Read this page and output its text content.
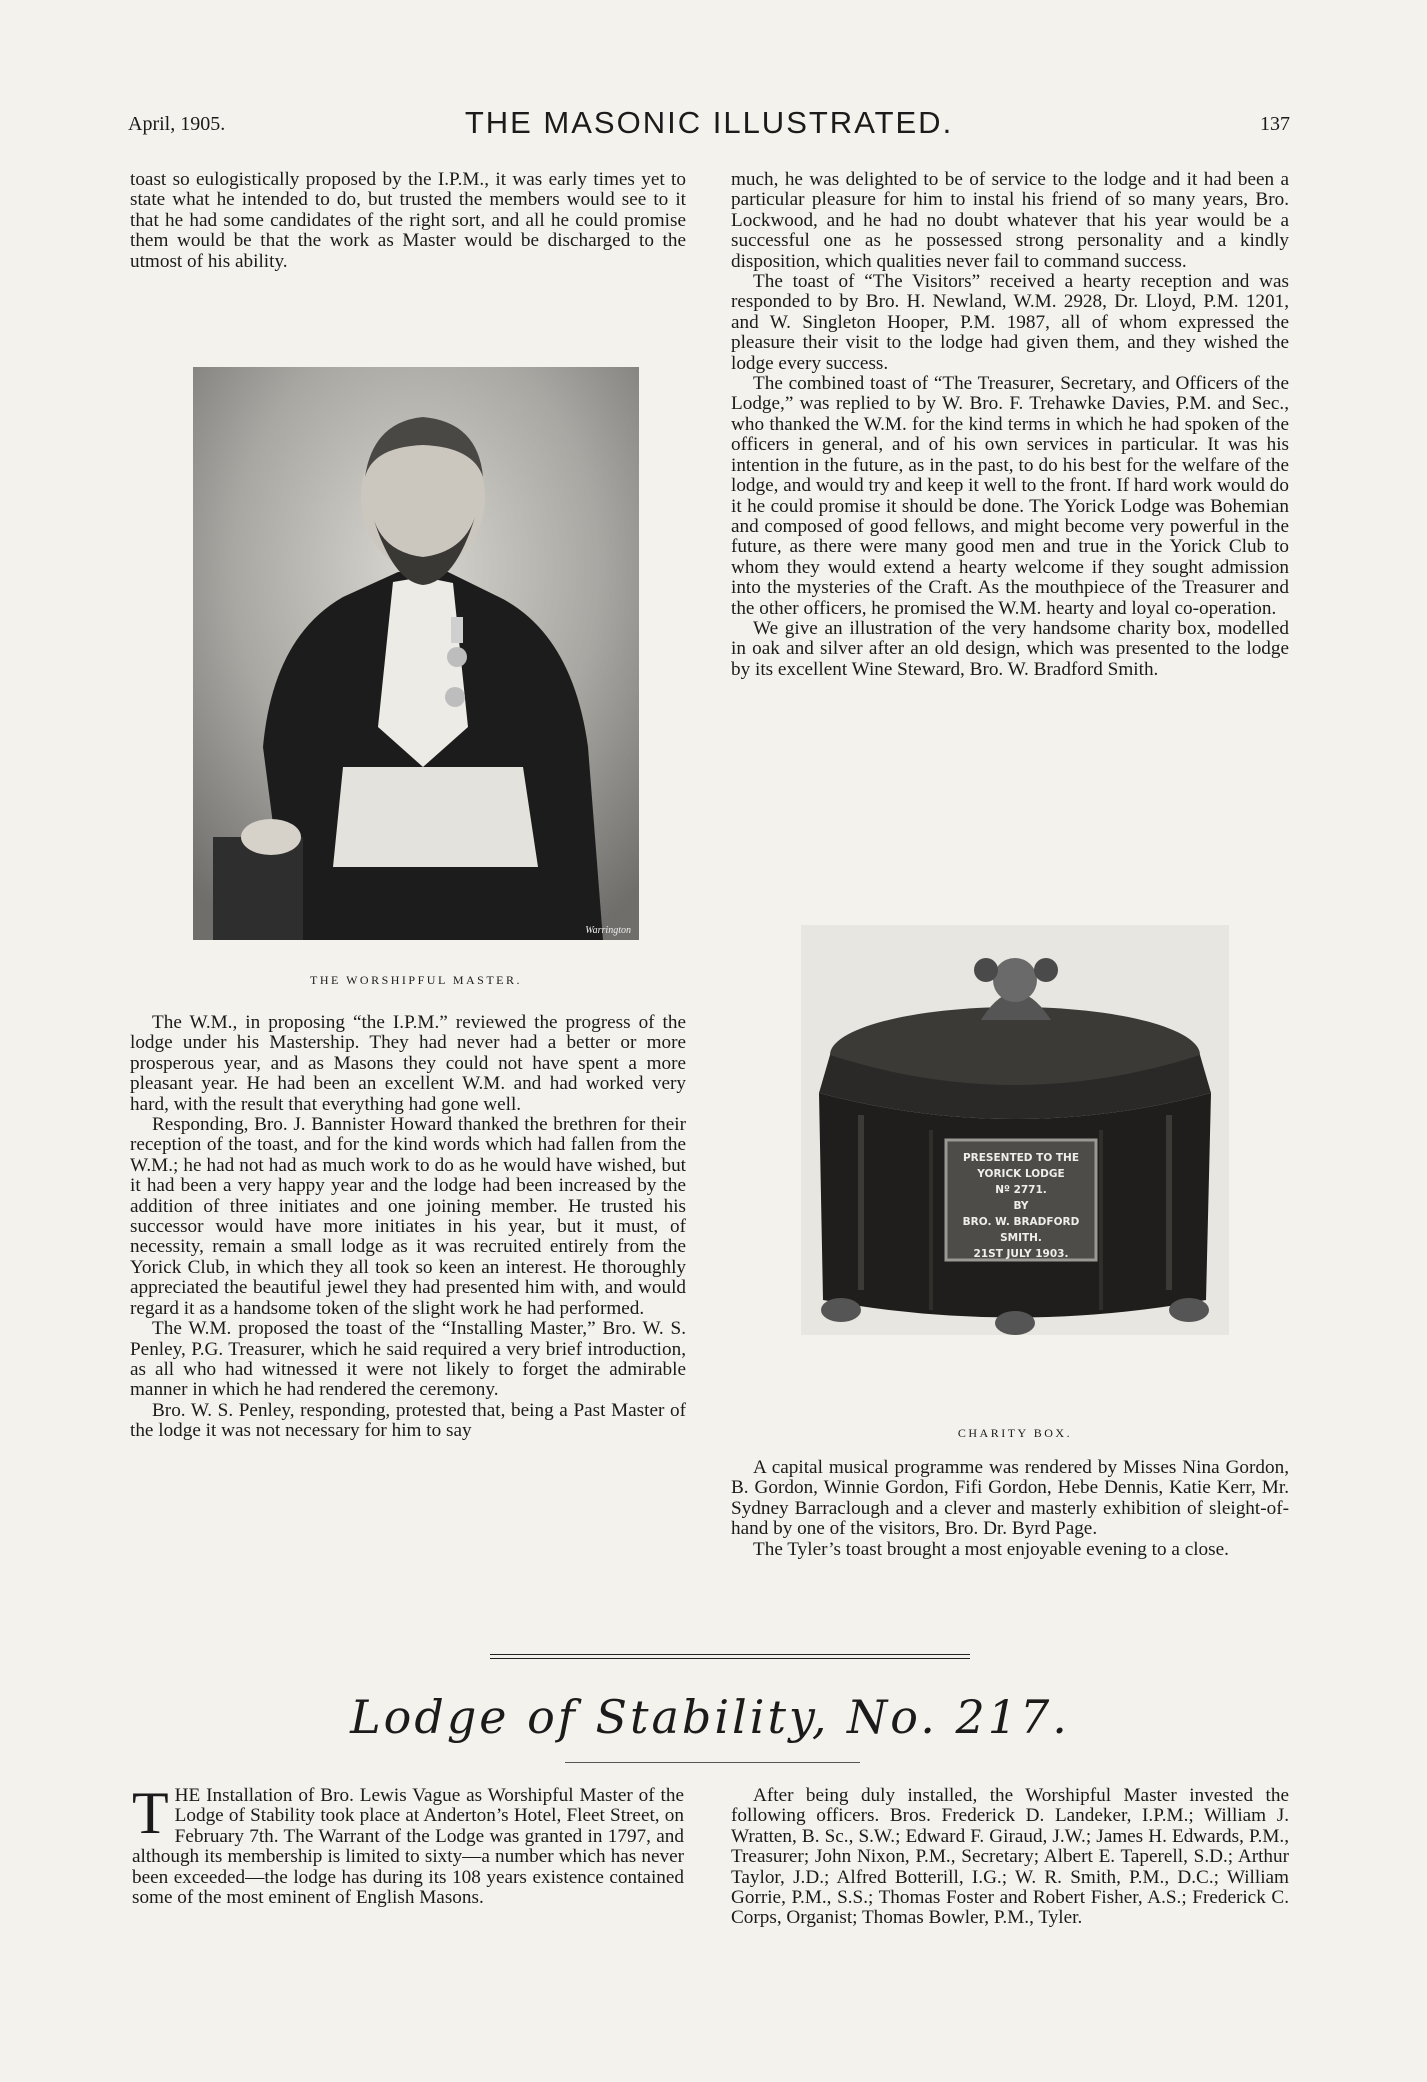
April, 1905.	THE MASONIC ILLUSTRATED.	137

toast so eulogistically proposed by the I.P.M., it was early times yet to state what he intended to do, but trusted the members would see to it that he had some candidates of the right sort, and all he could promise them would be that the work as Master would be discharged to the utmost of his ability.

Warrington
THE WORSHIPFUL MASTER.

The W.M., in proposing “the I.P.M.” reviewed the progress of the lodge under his Mastership. They had never had a better or more prosperous year, and as Masons they could not have spent a more pleasant year. He had been an excellent W.M. and had worked very hard, with the result that everything had gone well.

Responding, Bro. J. Bannister Howard thanked the brethren for their reception of the toast, and for the kind words which had fallen from the W.M.; he had not had as much work to do as he would have wished, but it had been a very happy year and the lodge had been increased by the addition of three initiates and one joining member. He trusted his successor would have more initiates in his year, but it must, of necessity, remain a small lodge as it was recruited entirely from the Yorick Club, in which they all took so keen an interest. He thoroughly appreciated the beautiful jewel they had presented him with, and would regard it as a handsome token of the slight work he had performed.

The W.M. proposed the toast of the “Installing Master,” Bro. W. S. Penley, P.G. Treasurer, which he said required a very brief introduction, as all who had witnessed it were not likely to forget the admirable manner in which he had rendered the ceremony.

Bro. W. S. Penley, responding, protested that, being a Past Master of the lodge it was not necessary for him to say

much, he was delighted to be of service to the lodge and it had been a particular pleasure for him to instal his friend of so many years, Bro. Lockwood, and he had no doubt whatever that his year would be a successful one as he possessed strong personality and a kindly disposition, which qualities never fail to command success.

The toast of “The Visitors” received a hearty reception and was responded to by Bro. H. Newland, W.M. 2928, Dr. Lloyd, P.M. 1201, and W. Singleton Hooper, P.M. 1987, all of whom expressed the pleasure their visit to the lodge had given them, and they wished the lodge every success.

The combined toast of “The Treasurer, Secretary, and Officers of the Lodge,” was replied to by W. Bro. F. Trehawke Davies, P.M. and Sec., who thanked the W.M. for the kind terms in which he had spoken of the officers in general, and of his own services in particular. It was his intention in the future, as in the past, to do his best for the welfare of the lodge, and would try and keep it well to the front. If hard work would do it he could promise it should be done. The Yorick Lodge was Bohemian and composed of good fellows, and might become very powerful in the future, as there were many good men and true in the Yorick Club to whom they would extend a hearty welcome if they sought admission into the mysteries of the Craft. As the mouthpiece of the Treasurer and the other officers, he promised the W.M. hearty and loyal co-operation.

We give an illustration of the very handsome charity box, modelled in oak and silver after an old design, which was presented to the lodge by its excellent Wine Steward, Bro. W. Bradford Smith.

PRESENTED TO THE
YORICK LODGE
Nº 2771.
BY
BRO. W. BRADFORD SMITH.
21ST JULY 1903.
CHARITY BOX.

A capital musical programme was rendered by Misses Nina Gordon, B. Gordon, Winnie Gordon, Fifi Gordon, Hebe Dennis, Katie Kerr, Mr. Sydney Barraclough and a clever and masterly exhibition of sleight-of-hand by one of the visitors, Bro. Dr. Byrd Page.

The Tyler’s toast brought a most enjoyable evening to a close.

Lodge of Stability, No. 217.
T HE Installation of Bro. Lewis Vague as Worshipful Master of the Lodge of Stability took place at Anderton’s Hotel, Fleet Street, on February 7th. The Warrant of the Lodge was granted in 1797, and although its membership is limited to sixty—a number which has never been exceeded—the lodge has during its 108 years existence contained some of the most eminent of English Masons.

After being duly installed, the Worshipful Master invested the following officers. Bros. Frederick D. Landeker, I.P.M.; William J. Wratten, B. Sc., S.W.; Edward F. Giraud, J.W.; James H. Edwards, P.M., Treasurer; John Nixon, P.M., Secretary; Albert E. Taperell, S.D.; Arthur Taylor, J.D.; Alfred Botterill, I.G.; W. R. Smith, P.M., D.C.; William Gorrie, P.M., S.S.; Thomas Foster and Robert Fisher, A.S.; Frederick C. Corps, Organist; Thomas Bowler, P.M., Tyler.
